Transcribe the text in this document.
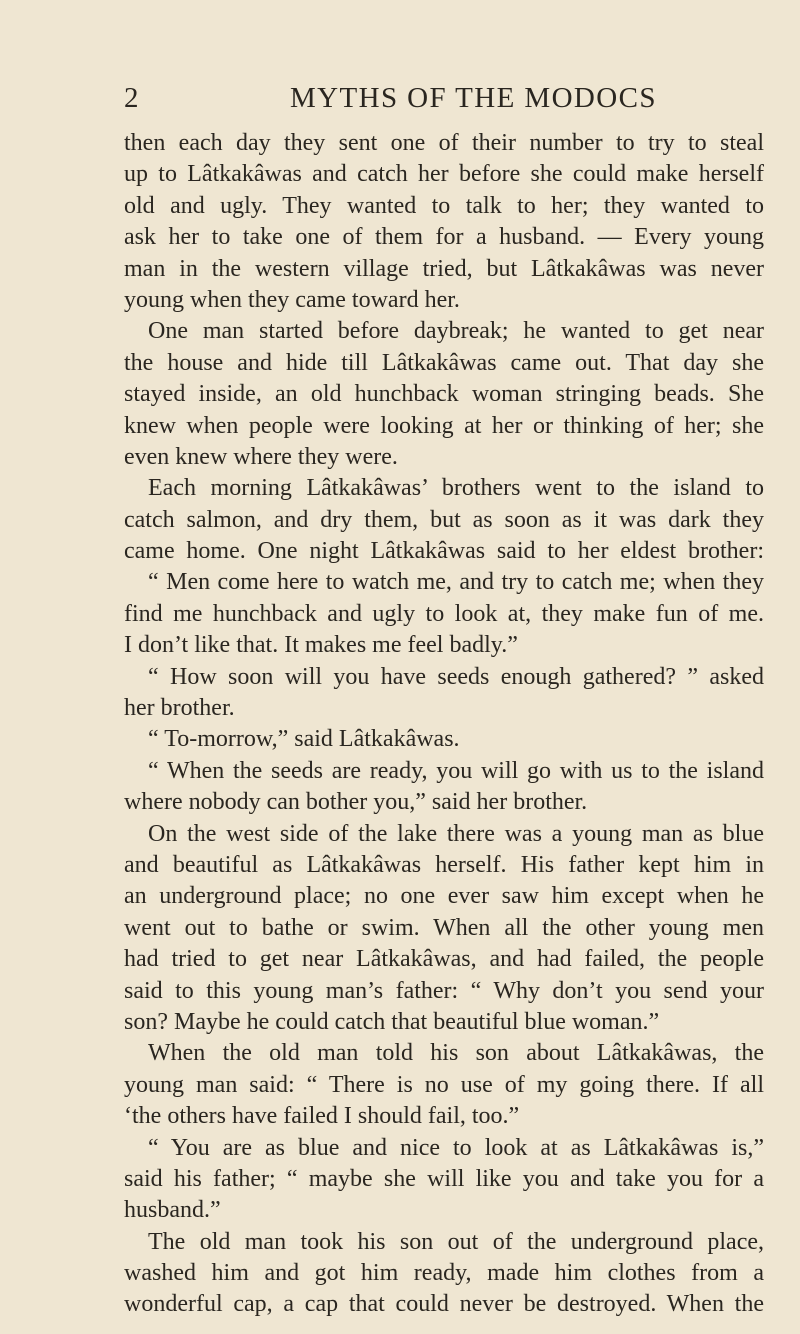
2	MYTHS OF THE MODOCS
then each day they sent one of their number to try to steal
up to Lâtkakâwas and catch her before she could make herself
old and ugly. They wanted to talk to her; they wanted to
ask her to take one of them for a husband. — Every young
man in the western village tried, but Lâtkakâwas was never
young when they came toward her.
One man started before daybreak; he wanted to get near
the house and hide till Lâtkakâwas came out. That day she
stayed inside, an old hunchback woman stringing beads. She
knew when people were looking at her or thinking of her; she
even knew where they were.
Each morning Lâtkakâwas’ brothers went to the island to
catch salmon, and dry them, but as soon as it was dark they
came home. One night Lâtkakâwas said to her eldest brother:
“ Men come here to watch me, and try to catch me; when they
find me hunchback and ugly to look at, they make fun of me.
I don’t like that. It makes me feel badly.”
“ How soon will you have seeds enough gathered? ” asked
her brother.
“ To-morrow,” said Lâtkakâwas.
“ When the seeds are ready, you will go with us to the island
where nobody can bother you,” said her brother.
On the west side of the lake there was a young man as blue
and beautiful as Lâtkakâwas herself. His father kept him in
an underground place; no one ever saw him except when he
went out to bathe or swim. When all the other young men
had tried to get near Lâtkakâwas, and had failed, the people
said to this young man’s father: “ Why don’t you send your
son? Maybe he could catch that beautiful blue woman.”
When the old man told his son about Lâtkakâwas, the
young man said: “ There is no use of my going there. If all
‘the others have failed I should fail, too.”
“ You are as blue and nice to look at as Lâtkakâwas is,”
said his father; “ maybe she will like you and take you for a
husband.”
The old man took his son out of the underground place,
washed him and got him ready, made him clothes from a
wonderful cap, a cap that could never be destroyed. When the
